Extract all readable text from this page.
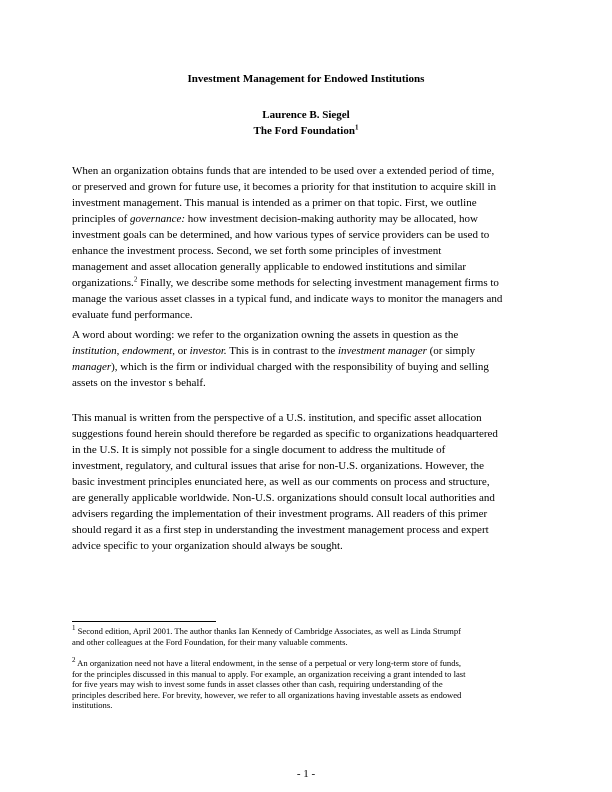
Investment Management for Endowed Institutions
Laurence B. Siegel
The Ford Foundation$^1$
When an organization obtains funds that are intended to be used over a extended period of time,
or preserved and grown for future use, it becomes a priority for that institution to acquire skill in
investment management. This manual is intended as a primer on that topic. First, we outline
principles of governance: how investment decision-making authority may be allocated, how
investment goals can be determined, and how various types of service providers can be used to
enhance the investment process. Second, we set forth some principles of investment
management and asset allocation generally applicable to endowed institutions and similar
organizations.$^2$ Finally, we describe some methods for selecting investment management firms to
manage the various asset classes in a typical fund, and indicate ways to monitor the managers and
evaluate fund performance.
A word about wording: we refer to the organization owning the assets in question as the
institution, endowment, or investor. This is in contrast to the investment manager (or simply
manager), which is the firm or individual charged with the responsibility of buying and selling
assets on the investor s behalf.
This manual is written from the perspective of a U.S. institution, and specific asset allocation
suggestions found herein should therefore be regarded as specific to organizations headquartered
in the U.S. It is simply not possible for a single document to address the multitude of
investment, regulatory, and cultural issues that arise for non-U.S. organizations. However, the
basic investment principles enunciated here, as well as our comments on process and structure,
are generally applicable worldwide. Non-U.S. organizations should consult local authorities and
advisers regarding the implementation of their investment programs. All readers of this primer
should regard it as a first step in understanding the investment management process and expert
advice specific to your organization should always be sought.
$^1$ Second edition, April 2001. The author thanks Ian Kennedy of Cambridge Associates, as well as Linda Strumpf
and other colleagues at the Ford Foundation, for their many valuable comments.
$^2$ An organization need not have a literal endowment, in the sense of a perpetual or very long-term store of funds,
for the principles discussed in this manual to apply. For example, an organization receiving a grant intended to last
for five years may wish to invest some funds in asset classes other than cash, requiring understanding of the
principles described here. For brevity, however, we refer to all organizations having investable assets as endowed
institutions.
- 1 -
